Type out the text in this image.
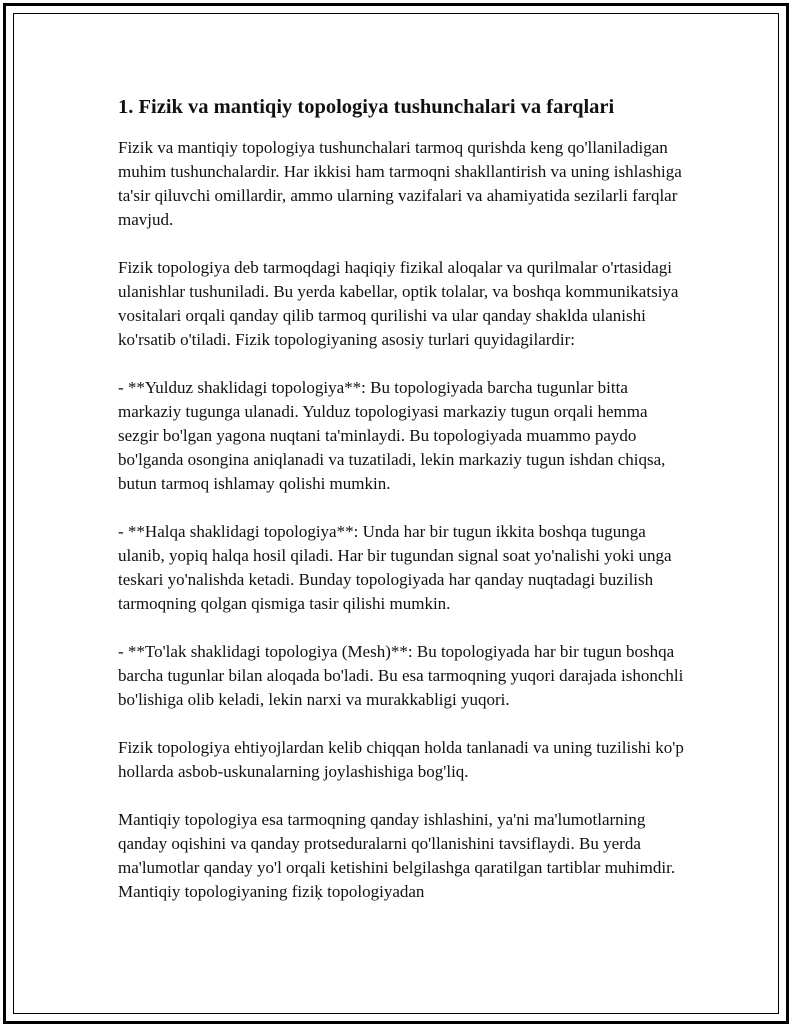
1. Fizik va mantiqiy topologiya tushunchalari va farqlari

Fizik va mantiqiy topologiya tushunchalari tarmoq qurishda keng qo'llaniladigan muhim tushunchalardir. Har ikkisi ham tarmoqni shakllantirish va uning ishlashiga ta'sir qiluvchi omillardir, ammo ularning vazifalari va ahamiyatida sezilarli farqlar mavjud.

Fizik topologiya deb tarmoqdagi haqiqiy fizikal aloqalar va qurilmalar o'rtasidagi ulanishlar tushuniladi. Bu yerda kabellar, optik tolalar, va boshqa kommunikatsiya vositalari orqali qanday qilib tarmoq qurilishi va ular qanday shaklda ulanishi ko'rsatib o'tiladi. Fizik topologiyaning asosiy turlari quyidagilardir:

- **Yulduz shaklidagi topologiya**: Bu topologiyada barcha tugunlar bitta markaziy tugunga ulanadi. Yulduz topologiyasi markaziy tugun orqali hemma sezgir bo'lgan yagona nuqtani ta'minlaydi. Bu topologiyada muammo paydo bo'lganda osongina aniqlanadi va tuzatiladi, lekin markaziy tugun ishdan chiqsa, butun tarmoq ishlamay qolishi mumkin.

- **Halqa shaklidagi topologiya**: Unda har bir tugun ikkita boshqa tugunga ulanib, yopiq halqa hosil qiladi. Har bir tugundan signal soat yo'nalishi yoki unga teskari yo'nalishda ketadi. Bunday topologiyada har qanday nuqtadagi buzilish tarmoqning qolgan qismiga tasir qilishi mumkin.

- **To'lak shaklidagi topologiya (Mesh)**: Bu topologiyada har bir tugun boshqa barcha tugunlar bilan aloqada bo'ladi. Bu esa tarmoqning yuqori darajada ishonchli bo'lishiga olib keladi, lekin narxi va murakkabligi yuqori.

Fizik topologiya ehtiyojlardan kelib chiqqan holda tanlanadi va uning tuzilishi ko'p hollarda asbob-uskunalarning joylashishiga bog'liq.

Mantiqiy topologiya esa tarmoqning qanday ishlashini, ya'ni ma'lumotlarning qanday oqishini va qanday protseduralarni qo'llanishini tavsiflaydi. Bu yerda ma'lumotlar qanday yo'l orqali ketishini belgilashga qaratilgan tartiblar muhimdir. Mantiqiy topologiyaning fiziķ topologiyadan
